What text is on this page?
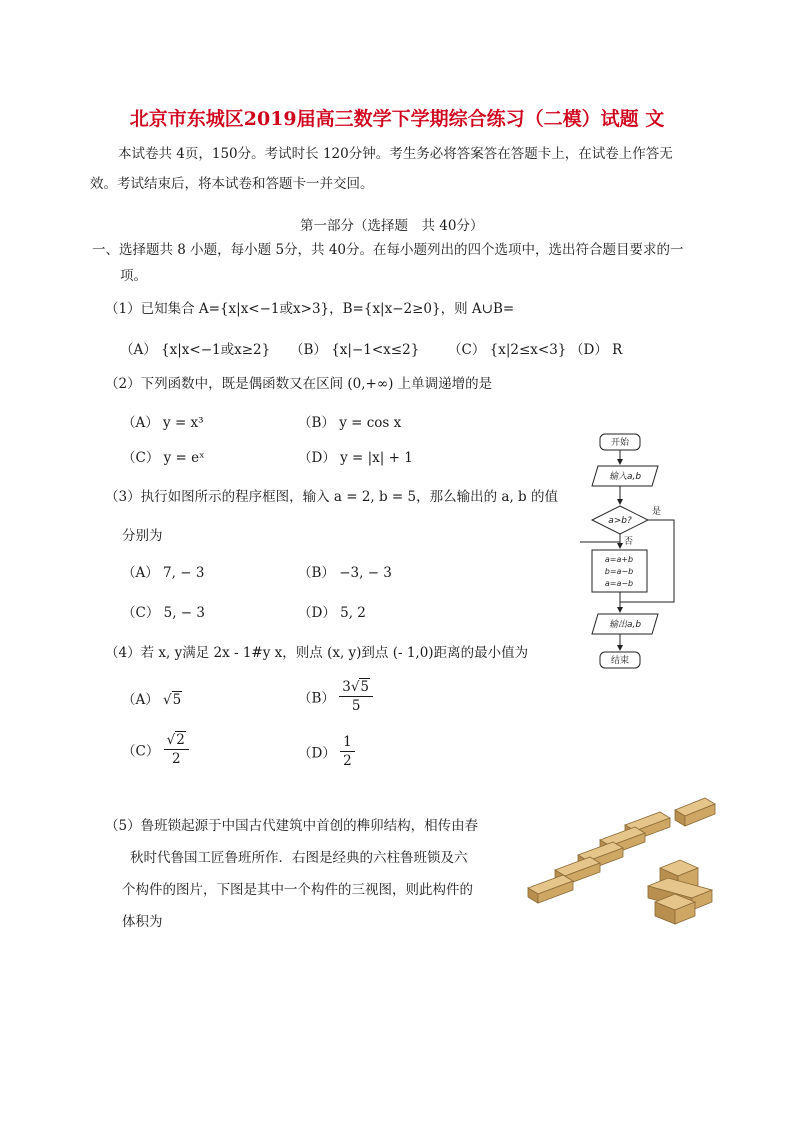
北京市东城区2019届高三数学下学期综合练习（二模）试题 文
本试卷共 4页，150分。考试时长 120分钟。考生务必将答案答在答题卡上，在试卷上作答无
效。考试结束后，将本试卷和答题卡一并交回。
第一部分（选择题　共 40分）
一、选择题共 8 小题，每小题 5分，共 40分。在每小题列出的四个选项中，选出符合题目要求的一
项。
（1）已知集合 A={x|x<−1或x>3}，B={x|x−2≥0}，则 A∪B=
（A） {x|x<−1或x≥2} （B） {x|−1<x≤2} （C） {x|2≤x<3} （D） R
（2）下列函数中，既是偶函数又在区间 (0,+∞) 上单调递增的是
（A） y = x³	（B） y = cos x
（C） y = eˣ	（D） y = |x| + 1
（3）执行如图所示的程序框图，输入 a = 2, b = 5，那么输出的 a, b 的值
分别为
（A） 7, − 3	（B） −3, − 3
（C） 5, − 3	（D） 5, 2
（4）若 x, y满足 2x - 1#y x，则点 (x, y)到点 (- 1,0)距离的最小值为
（A） √5	$(B) \frac{3√5}{5}$
$(C) \frac{√2}{2}$	$(D) \frac{1}{2}$
（5）鲁班锁起源于中国古代建筑中首创的榫卯结构，相传由春
秋时代鲁国工匠鲁班所作．右图是经典的六柱鲁班锁及六
个构件的图片，下图是其中一个构件的三视图，则此构件的
体积为
开始
输入a,b
a>b?
是
否
a=a+b
b=a−b
a=a−b
输出a,b
结束
